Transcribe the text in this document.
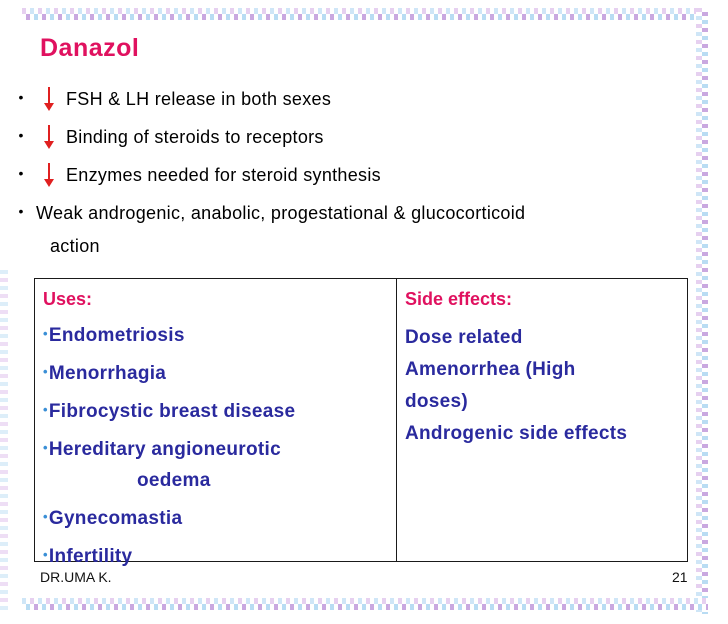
Danazol
•	FSH & LH release in both sexes
•	Binding of steroids to receptors
•	Enzymes needed for steroid synthesis
• Weak androgenic, anabolic, progestational & glucocorticoid
action
Uses:
•Endometriosis
•Menorrhagia
•Fibrocystic breast disease
•Hereditary angioneurotic
oedema
•Gynecomastia
•Infertility
Side effects:
Dose related
Amenorrhea (High doses)
Androgenic side effects
DR.UMA K.	21
